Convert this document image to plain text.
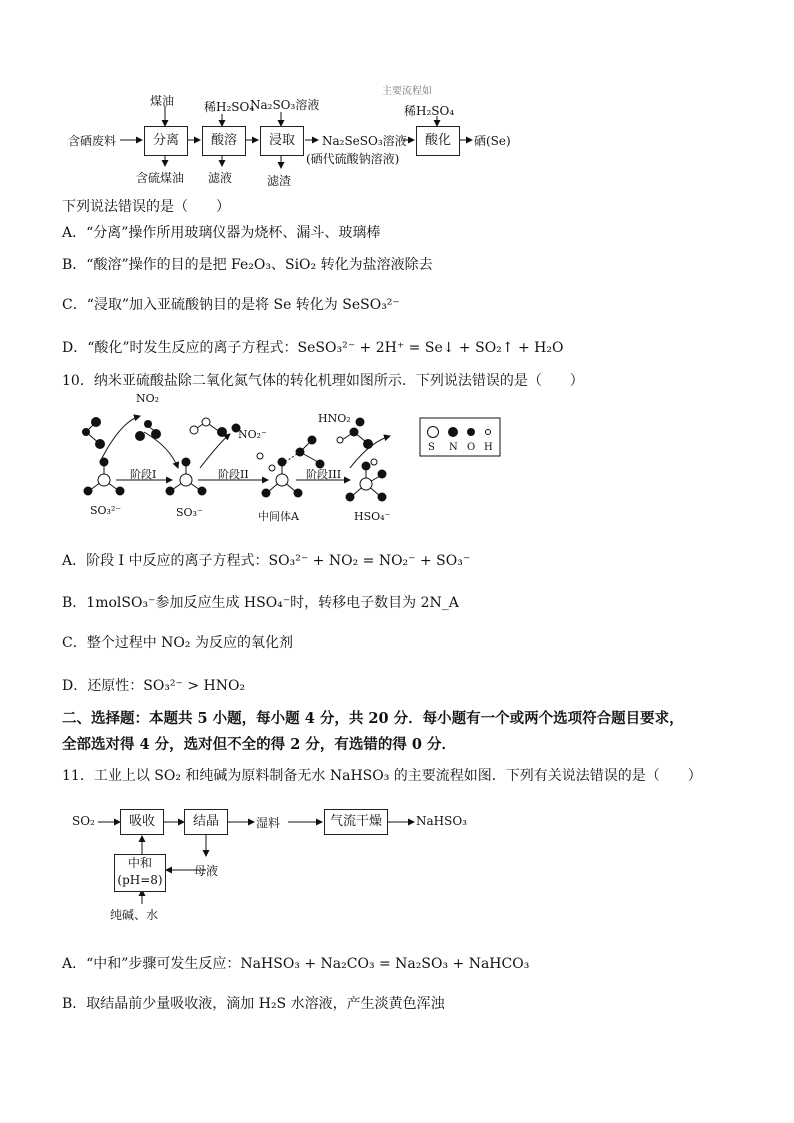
含硒废料
煤油 稀H₂SO₄
Na₂SO₃溶液	稀H₂SO₄
主要流程如
分离	酸溶	浸取	酸化
含硫煤油 滤液	滤渣
Na₂SeSO₃溶液
(硒代硫酸钠溶液)
硒(Se)
下列说法错误的是（　　）
A．“分离”操作所用玻璃仪器为烧杯、漏斗、玻璃棒
B．“酸溶”操作的目的是把 Fe₂O₃、SiO₂ 转化为盐溶液除去
C．“浸取”加入亚硫酸钠目的是将 Se 转化为 SeSO₃²⁻
D．“酸化”时发生反应的离子方程式：SeSO₃²⁻ + 2H⁺ = Se↓ + SO₂↑ + H₂O
10．纳米亚硫酸盐除二氧化氮气体的转化机理如图所示．下列说法错误的是（　　）
NO₂
NO₂⁻
HNO₂
阶段I	阶段II	阶段III
SO₃²⁻	SO₃⁻	中间体A	HSO₄⁻
S N O H
A．阶段 I 中反应的离子方程式：SO₃²⁻ + NO₂ = NO₂⁻ + SO₃⁻
B．1molSO₃⁻参加反应生成 HSO₄⁻时，转移电子数目为 2N_A
C．整个过程中 NO₂ 为反应的氧化剂
D．还原性：SO₃²⁻ > HNO₂
二、选择题：本题共 5 小题，每小题 4 分，共 20 分．每小题有一个或两个选项符合题目要求，
全部选对得 4 分，选对但不全的得 2 分，有选错的得 0 分．
11．工业上以 SO₂ 和纯碱为原料制备无水 NaHSO₃ 的主要流程如图．下列有关说法错误的是（　　）
SO₂	吸收	结晶	湿料	气流干燥	NaHSO₃
中和
(pH=8)
母液
纯碱、水
A．“中和”步骤可发生反应：NaHSO₃ + Na₂CO₃ = Na₂SO₃ + NaHCO₃
B．取结晶前少量吸收液，滴加 H₂S 水溶液，产生淡黄色浑浊
